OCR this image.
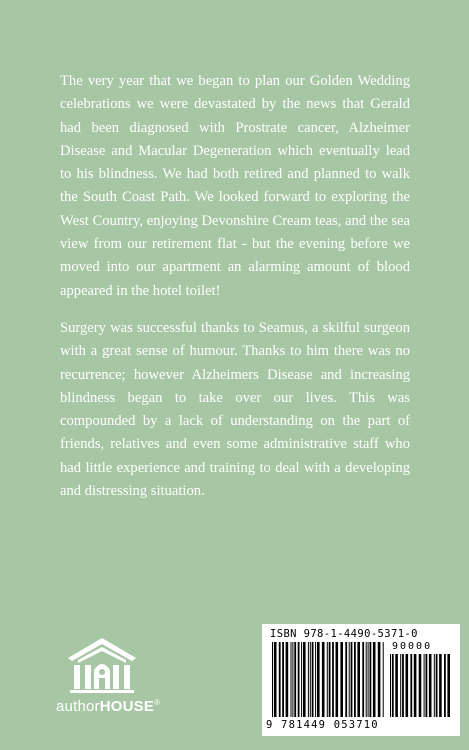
The very year that we began to plan our Golden Wedding celebrations we were devastated by the news that Gerald had been diagnosed with Prostrate cancer, Alzheimer Disease and Macular Degeneration which eventually lead to his blindness. We had both retired and planned to walk the South Coast Path. We looked forward to exploring the West Country, enjoying Devonshire Cream teas, and the sea view from our retirement flat - but the evening before we moved into our apartment an alarming amount of blood appeared in the hotel toilet!

Surgery was successful thanks to Seamus, a skilful surgeon with a great sense of humour. Thanks to him there was no recurrence; however Alzheimers Disease and increasing blindness began to take over our lives. This was compounded by a lack of understanding on the part of friends, relatives and even some administrative staff who had little experience and training to deal with a developing and distressing situation.

authorHOUSE®
ISBN 978-1-4490-5371-0
90000
9 781449 053710
